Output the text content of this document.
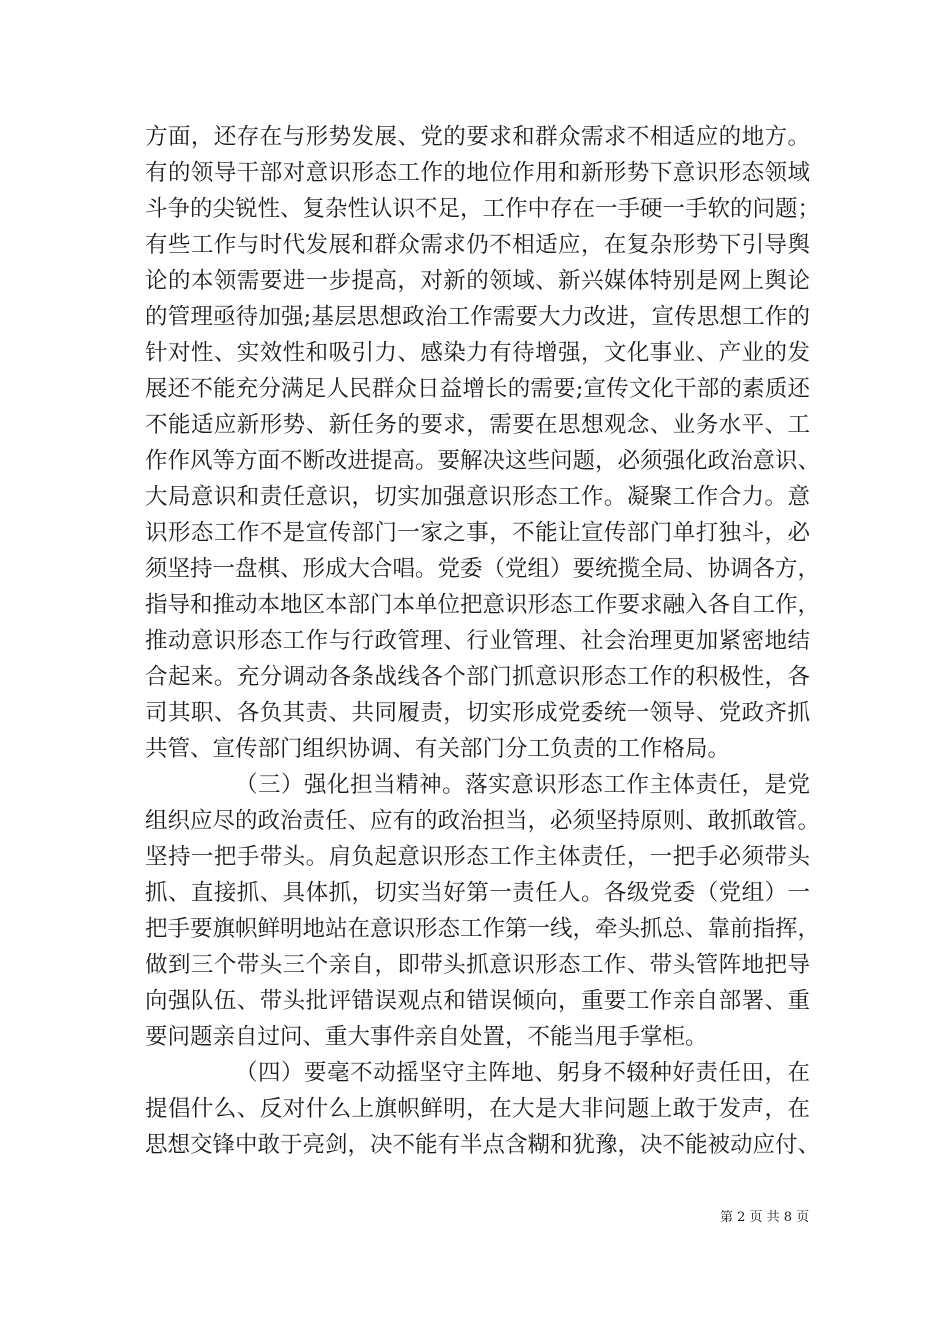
方面，还存在与形势发展、党的要求和群众需求不相适应的地方。
有的领导干部对意识形态工作的地位作用和新形势下意识形态领域
斗争的尖锐性、复杂性认识不足，工作中存在一手硬一手软的问题；
有些工作与时代发展和群众需求仍不相适应，在复杂形势下引导舆
论的本领需要进一步提高，对新的领域、新兴媒体特别是网上舆论
的管理亟待加强;基层思想政治工作需要大力改进，宣传思想工作的
针对性、实效性和吸引力、感染力有待增强，文化事业、产业的发
展还不能充分满足人民群众日益增长的需要;宣传文化干部的素质还
不能适应新形势、新任务的要求，需要在思想观念、业务水平、工
作作风等方面不断改进提高。要解决这些问题，必须强化政治意识、
大局意识和责任意识，切实加强意识形态工作。凝聚工作合力。意
识形态工作不是宣传部门一家之事，不能让宣传部门单打独斗，必
须坚持一盘棋、形成大合唱。党委（党组）要统揽全局、协调各方，
指导和推动本地区本部门本单位把意识形态工作要求融入各自工作，
推动意识形态工作与行政管理、行业管理、社会治理更加紧密地结
合起来。充分调动各条战线各个部门抓意识形态工作的积极性，各
司其职、各负其责、共同履责，切实形成党委统一领导、党政齐抓
共管、宣传部门组织协调、有关部门分工负责的工作格局。
（三）强化担当精神。落实意识形态工作主体责任，是党
组织应尽的政治责任、应有的政治担当，必须坚持原则、敢抓敢管。
坚持一把手带头。肩负起意识形态工作主体责任，一把手必须带头
抓、直接抓、具体抓，切实当好第一责任人。各级党委（党组）一
把手要旗帜鲜明地站在意识形态工作第一线，牵头抓总、靠前指挥，
做到三个带头三个亲自，即带头抓意识形态工作、带头管阵地把导
向强队伍、带头批评错误观点和错误倾向，重要工作亲自部署、重
要问题亲自过问、重大事件亲自处置，不能当甩手掌柜。
（四）要毫不动摇坚守主阵地、躬身不辍种好责任田，在
提倡什么、反对什么上旗帜鲜明，在大是大非问题上敢于发声，在
思想交锋中敢于亮剑，决不能有半点含糊和犹豫，决不能被动应付、
第 2 页 共 8 页
